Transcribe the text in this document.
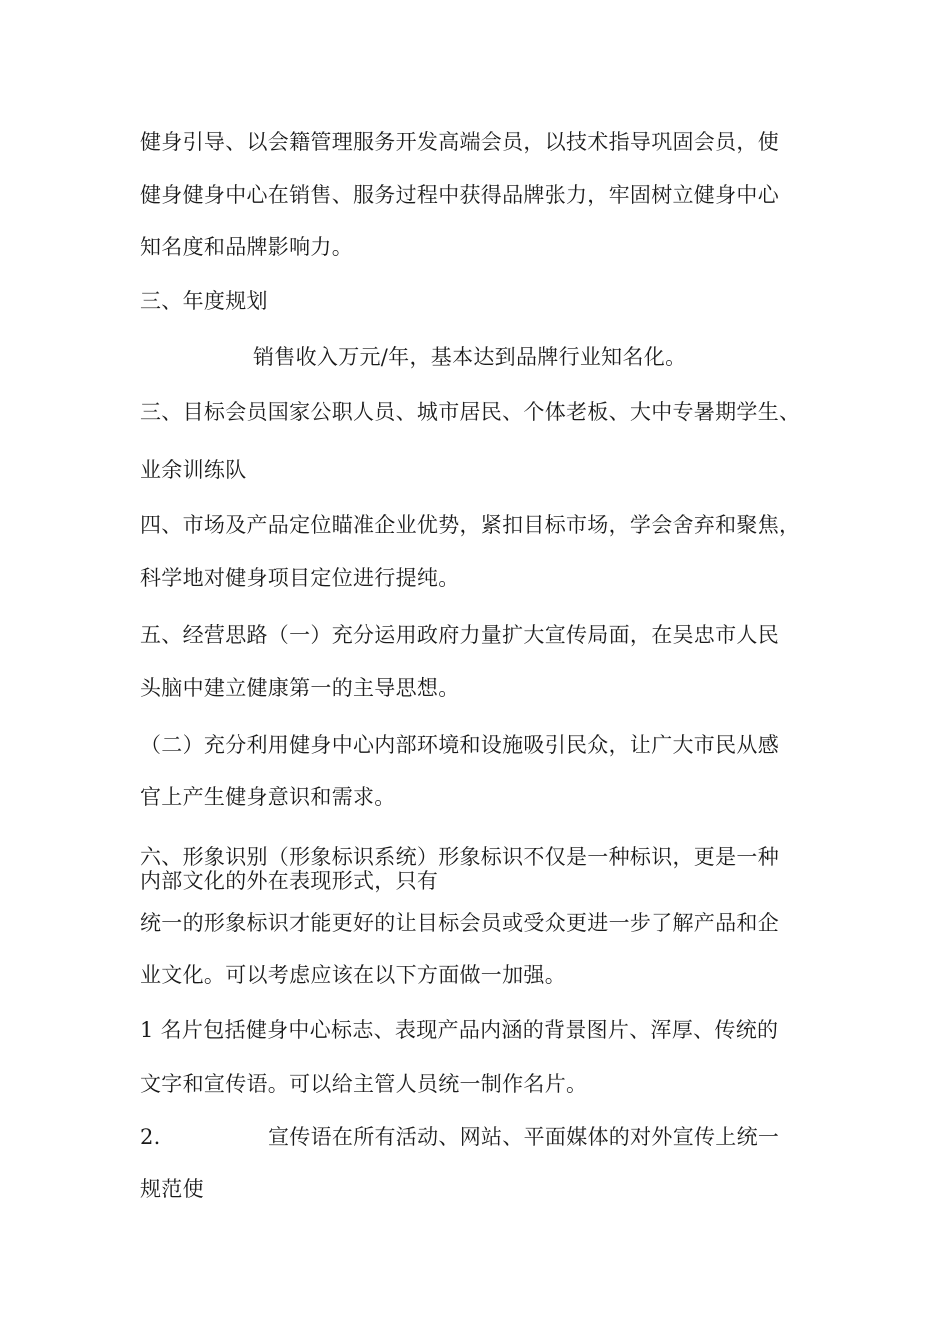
健身引导、以会籍管理服务开发高端会员，以技术指导巩固会员，使
健身健身中心在销售、服务过程中获得品牌张力，牢固树立健身中心
知名度和品牌影响力。
三、年度规划
销售收入万元/年，基本达到品牌行业知名化。
三、目标会员国家公职人员、城市居民、个体老板、大中专暑期学生、
业余训练队
四、市场及产品定位瞄准企业优势，紧扣目标市场，学会舍弃和聚焦，
科学地对健身项目定位进行提纯。
五、经营思路（一）充分运用政府力量扩大宣传局面，在吴忠市人民
头脑中建立健康第一的主导思想。
（二）充分利用健身中心内部环境和设施吸引民众，让广大市民从感
官上产生健身意识和需求。
六、形象识别（形象标识系统）形象标识不仅是一种标识，更是一种
内部文化的外在表现形式，只有
统一的形象标识才能更好的让目标会员或受众更进一步了解产品和企
业文化。可以考虑应该在以下方面做一加强。
1 名片包括健身中心标志、表现产品内涵的背景图片、浑厚、传统的
文字和宣传语。可以给主管人员统一制作名片。
2.	宣传语在所有活动、网站、平面媒体的对外宣传上统一
规范使
